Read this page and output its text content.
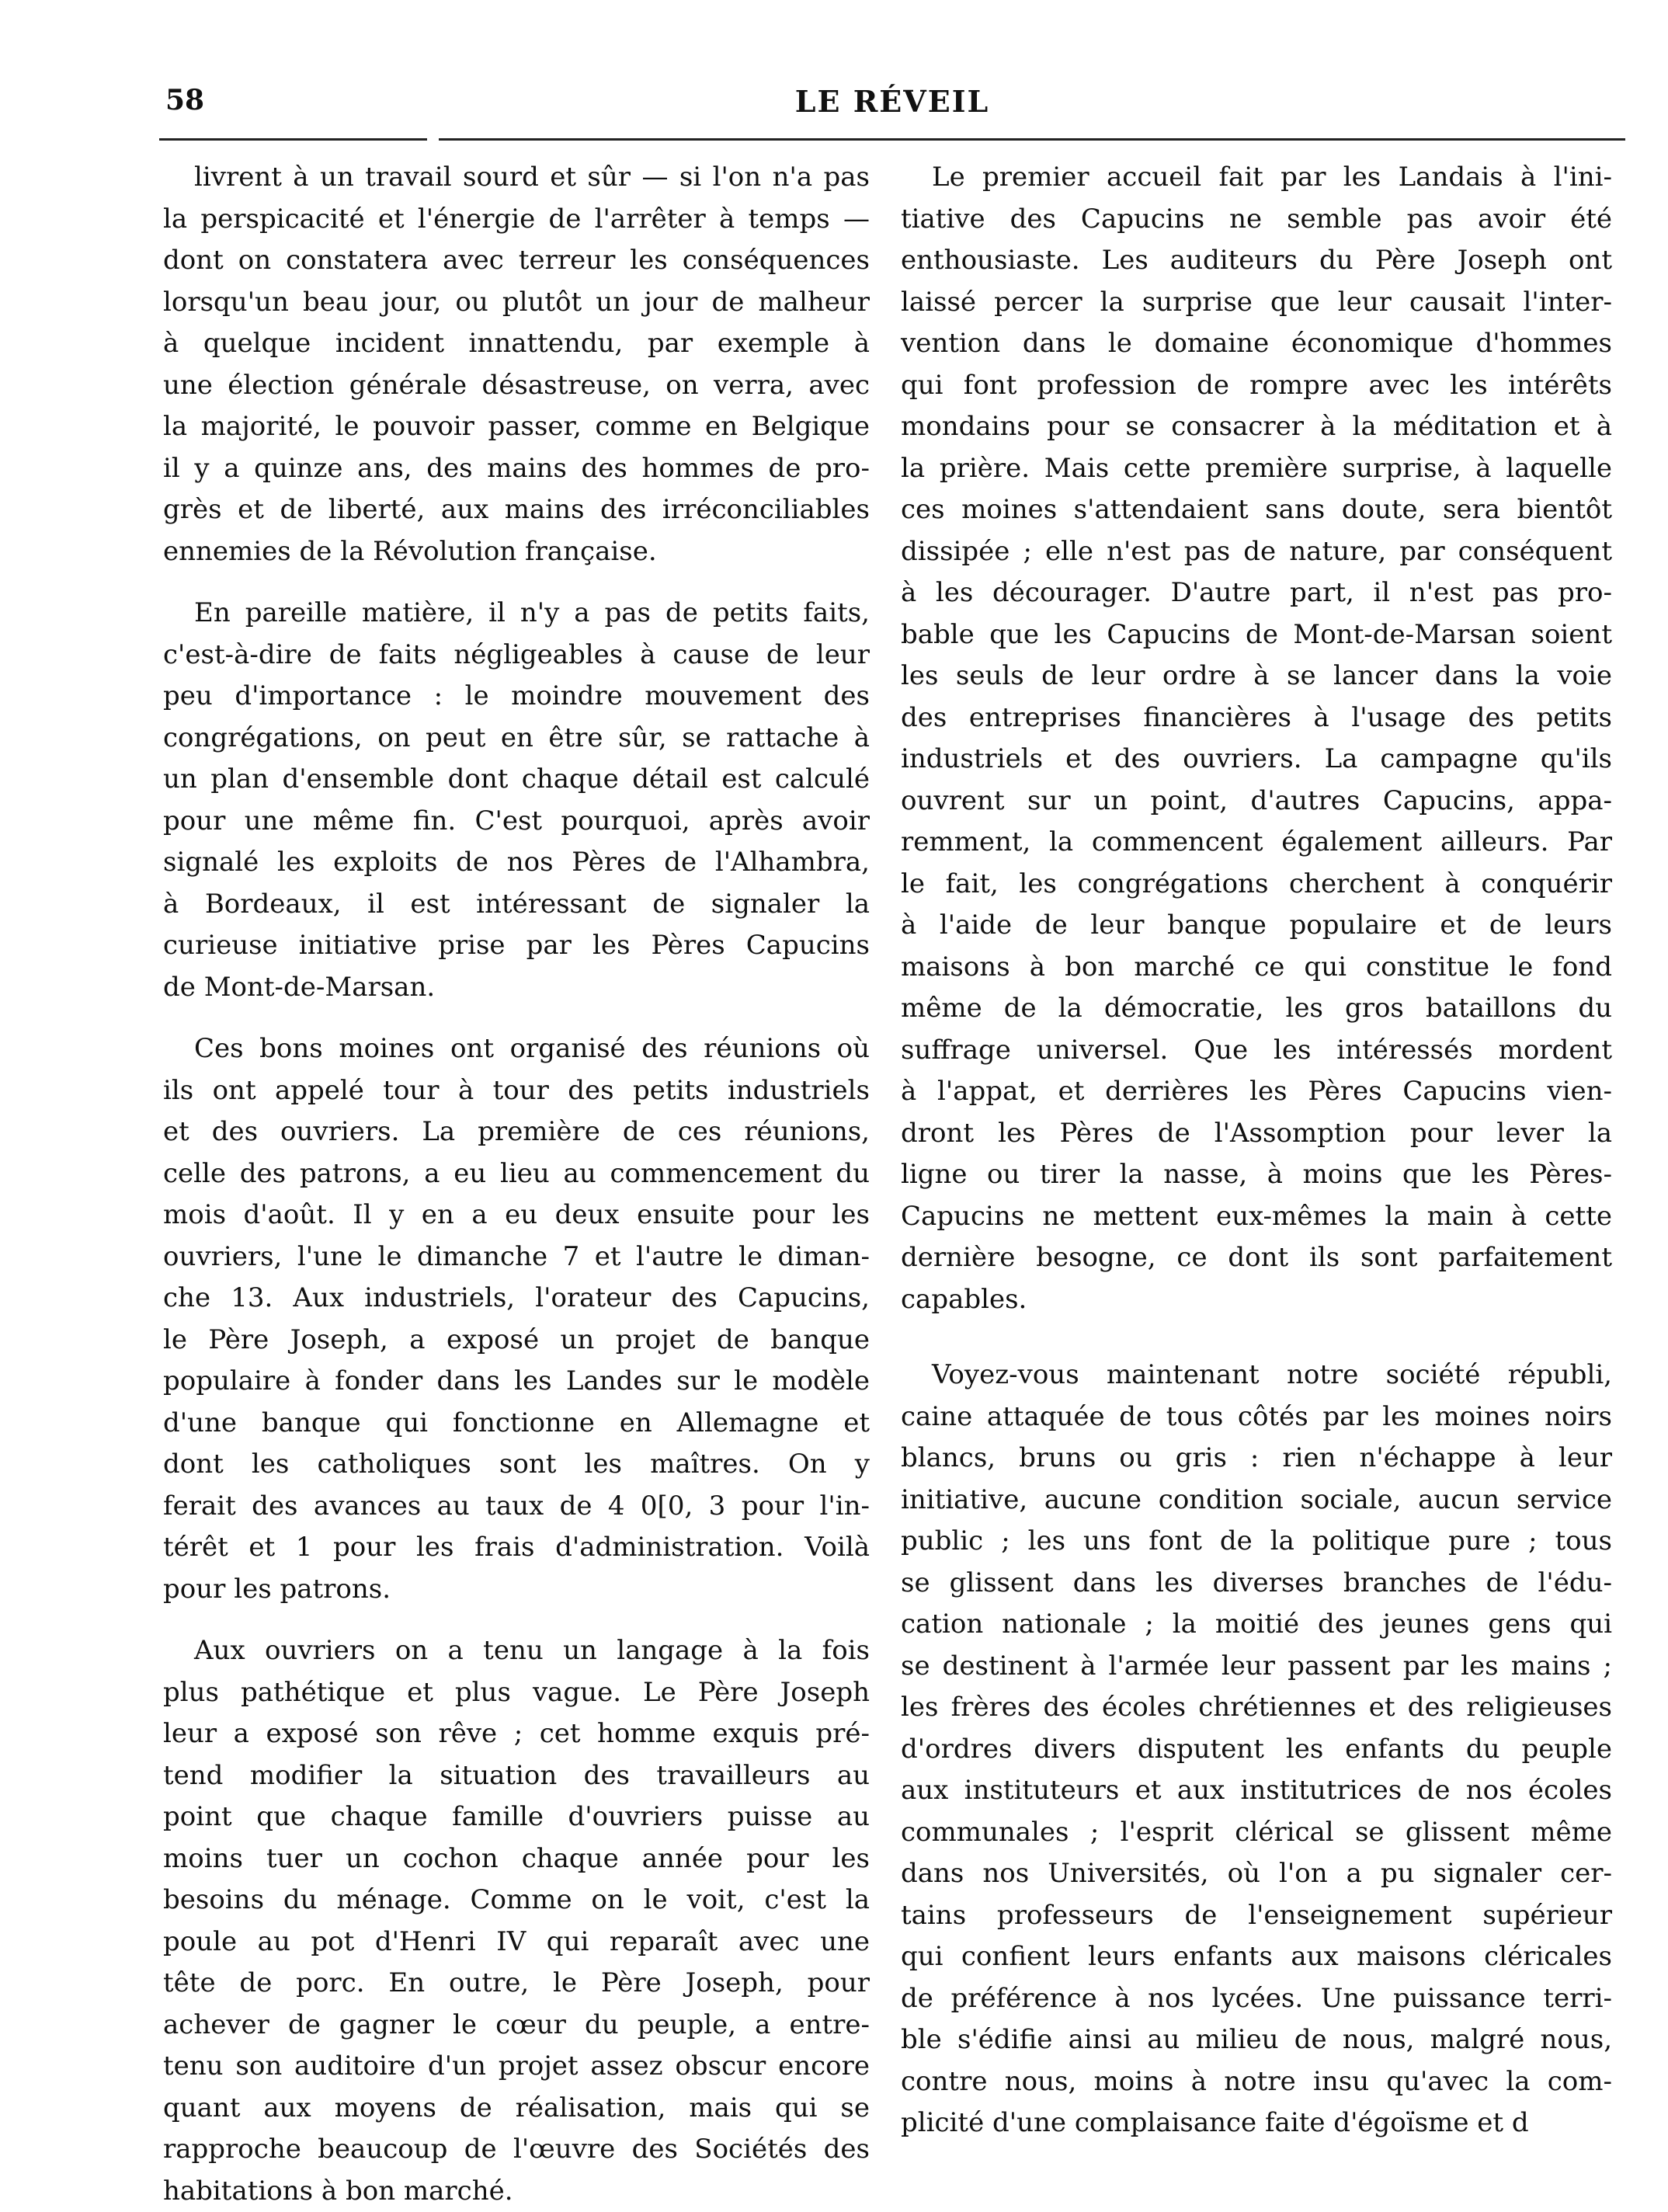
58	LE RÉVEIL
livrent à un travail sourd et sûr — si l'on n'a pas
la perspicacité et l'énergie de l'arrêter à temps —
dont on constatera avec terreur les conséquences
lorsqu'un beau jour, ou plutôt un jour de malheur
à quelque incident innattendu, par exemple à
une élection générale désastreuse, on verra, avec
la majorité, le pouvoir passer, comme en Belgique
il y a quinze ans, des mains des hommes de pro-
grès et de liberté, aux mains des irréconciliables
ennemies de la Révolution française.
En pareille matière, il n'y a pas de petits faits,
c'est-à-dire de faits négligeables à cause de leur
peu d'importance : le moindre mouvement des
congrégations, on peut en être sûr, se rattache à
un plan d'ensemble dont chaque détail est calculé
pour une même fin. C'est pourquoi, après avoir
signalé les exploits de nos Pères de l'Alhambra,
à Bordeaux, il est intéressant de signaler la
curieuse initiative prise par les Pères Capucins
de Mont-de-Marsan.
Ces bons moines ont organisé des réunions où
ils ont appelé tour à tour des petits industriels
et des ouvriers. La première de ces réunions,
celle des patrons, a eu lieu au commencement du
mois d'août. Il y en a eu deux ensuite pour les
ouvriers, l'une le dimanche 7 et l'autre le diman-
che 13. Aux industriels, l'orateur des Capucins,
le Père Joseph, a exposé un projet de banque
populaire à fonder dans les Landes sur le modèle
d'une banque qui fonctionne en Allemagne et
dont les catholiques sont les maîtres. On y
ferait des avances au taux de 4 0[0, 3 pour l'in-
térêt et 1 pour les frais d'administration. Voilà
pour les patrons.
Aux ouvriers on a tenu un langage à la fois
plus pathétique et plus vague. Le Père Joseph
leur a exposé son rêve ; cet homme exquis pré-
tend modifier la situation des travailleurs au
point que chaque famille d'ouvriers puisse au
moins tuer un cochon chaque année pour les
besoins du ménage. Comme on le voit, c'est la
poule au pot d'Henri IV qui reparaît avec une
tête de porc. En outre, le Père Joseph, pour
achever de gagner le cœur du peuple, a entre-
tenu son auditoire d'un projet assez obscur encore
quant aux moyens de réalisation, mais qui se
rapproche beaucoup de l'œuvre des Sociétés des
habitations à bon marché.
Le premier accueil fait par les Landais à l'ini-
tiative des Capucins ne semble pas avoir été
enthousiaste. Les auditeurs du Père Joseph ont
laissé percer la surprise que leur causait l'inter-
vention dans le domaine économique d'hommes
qui font profession de rompre avec les intérêts
mondains pour se consacrer à la méditation et à
la prière. Mais cette première surprise, à laquelle
ces moines s'attendaient sans doute, sera bientôt
dissipée ; elle n'est pas de nature, par conséquent
à les décourager. D'autre part, il n'est pas pro-
bable que les Capucins de Mont-de-Marsan soient
les seuls de leur ordre à se lancer dans la voie
des entreprises financières à l'usage des petits
industriels et des ouvriers. La campagne qu'ils
ouvrent sur un point, d'autres Capucins, appa-
remment, la commencent également ailleurs. Par
le fait, les congrégations cherchent à conquérir
à l'aide de leur banque populaire et de leurs
maisons à bon marché ce qui constitue le fond
même de la démocratie, les gros bataillons du
suffrage universel. Que les intéressés mordent
à l'appat, et derrières les Pères Capucins vien-
dront les Pères de l'Assomption pour lever la
ligne ou tirer la nasse, à moins que les Pères-
Capucins ne mettent eux-mêmes la main à cette
dernière besogne, ce dont ils sont parfaitement
capables.
Voyez-vous maintenant notre société républi,
caine attaquée de tous côtés par les moines noirs
blancs, bruns ou gris : rien n'échappe à leur
initiative, aucune condition sociale, aucun service
public ; les uns font de la politique pure ; tous
se glissent dans les diverses branches de l'édu-
cation nationale ; la moitié des jeunes gens qui
se destinent à l'armée leur passent par les mains ;
les frères des écoles chrétiennes et des religieuses
d'ordres divers disputent les enfants du peuple
aux instituteurs et aux institutrices de nos écoles
communales ; l'esprit clérical se glissent même
dans nos Universités, où l'on a pu signaler cer-
tains professeurs de l'enseignement supérieur
qui confient leurs enfants aux maisons cléricales
de préférence à nos lycées. Une puissance terri-
ble s'édifie ainsi au milieu de nous, malgré nous,
contre nous, moins à notre insu qu'avec la com-
plicité d'une complaisance faite d'égoïsme et d
